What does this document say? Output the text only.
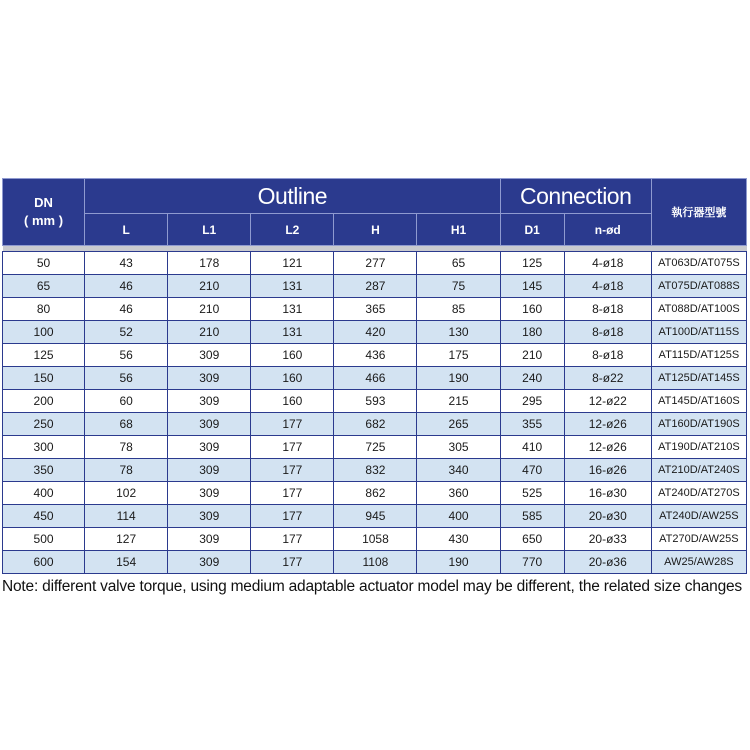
DN
( mm )	Outline					Connection		執行器型號
	L	L1	L2	H	H1	D1	n-ød	

50	43	178	121	277	65	125	4-ø18	AT063D/AT075S
65	46	210	131	287	75	145	4-ø18	AT075D/AT088S
80	46	210	131	365	85	160	8-ø18	AT088D/AT100S
100	52	210	131	420	130	180	8-ø18	AT100D/AT115S
125	56	309	160	436	175	210	8-ø18	AT115D/AT125S
150	56	309	160	466	190	240	8-ø22	AT125D/AT145S
200	60	309	160	593	215	295	12-ø22	AT145D/AT160S
250	68	309	177	682	265	355	12-ø26	AT160D/AT190S
300	78	309	177	725	305	410	12-ø26	AT190D/AT210S
350	78	309	177	832	340	470	16-ø26	AT210D/AT240S
400	102	309	177	862	360	525	16-ø30	AT240D/AT270S
450	114	309	177	945	400	585	20-ø30	AT240D/AW25S
500	127	309	177	1058	430	650	20-ø33	AT270D/AW25S
600	154	309	177	1108	190	770	20-ø36	AW25/AW28S
Note: different valve torque, using medium adaptable actuator model may be different, the related size changes
